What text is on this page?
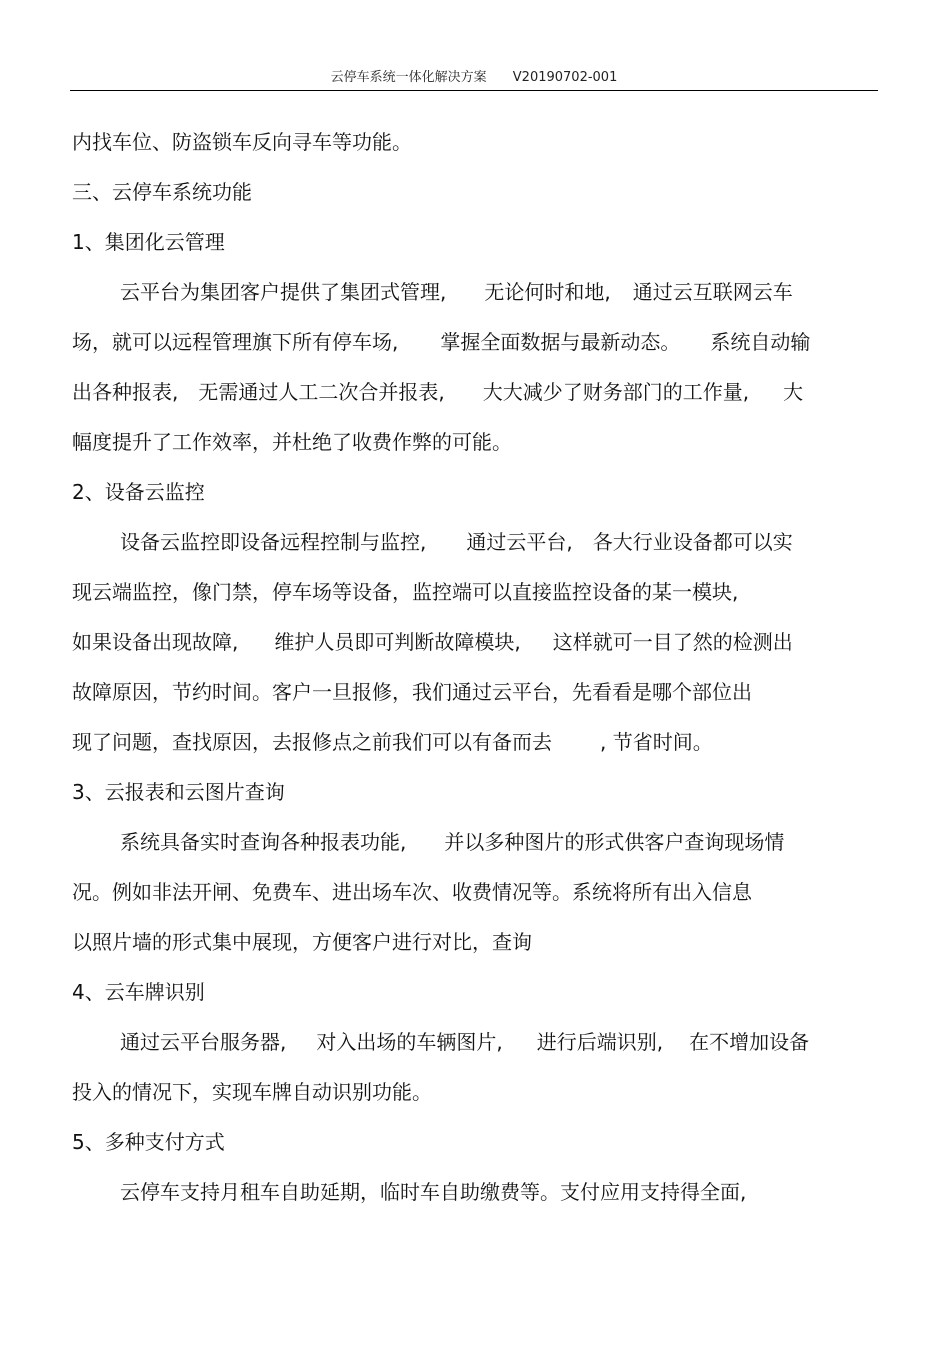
云停车系统一体化解决方案 V20190702-001
内找车位、防盗锁车反向寻车等功能。
三、云停车系统功能
1、集团化云管理
云平台为集团客户提供了集团式管理, 无论何时和地, 通过云互联网云车
场，就可以远程管理旗下所有停车场, 掌握全面数据与最新动态。 系统自动输
出各种报表, 无需通过人工二次合并报表, 大大减少了财务部门的工作量, 大
幅度提升了工作效率，并杜绝了收费作弊的可能。
2、设备云监控
设备云监控即设备远程控制与监控, 通过云平台, 各大行业设备都可以实
现云端监控，像门禁，停车场等设备，监控端可以直接监控设备的某一模块,
如果设备出现故障, 维护人员即可判断故障模块, 这样就可一目了然的检测出
故障原因，节约时间。客户一旦报修，我们通过云平台，先看看是哪个部位出
现了问题，查找原因，去报修点之前我们可以有备而去 , 节省时间。
3、云报表和云图片查询
系统具备实时查询各种报表功能, 并以多种图片的形式供客户查询现场情
况。例如非法开闸、免费车、进出场车次、收费情况等。系统将所有出入信息
以照片墙的形式集中展现，方便客户进行对比，查询
4、云车牌识别
通过云平台服务器, 对入出场的车辆图片, 进行后端识别, 在不增加设备
投入的情况下，实现车牌自动识别功能。
5、多种支付方式
云停车支持月租车自助延期，临时车自助缴费等。支付应用支持得全面,
